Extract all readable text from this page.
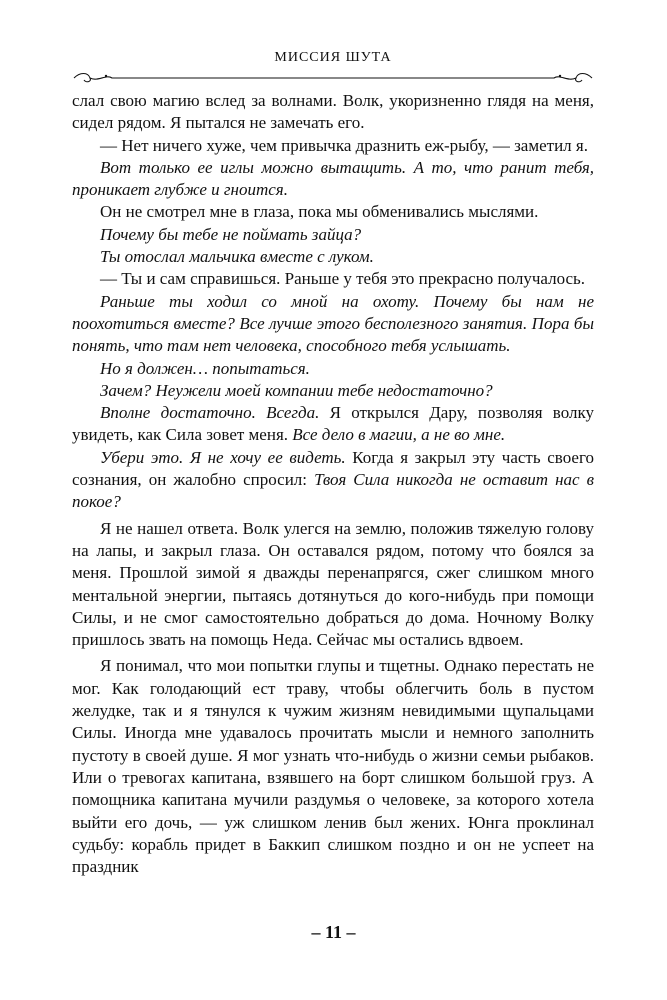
МИССИЯ ШУТА

слал свою магию вслед за волнами. Волк, укоризненно глядя на меня, сидел рядом. Я пытался не замечать его.

— Нет ничего хуже, чем привычка дразнить еж-рыбу, — заметил я.

Вот только ее иглы можно вытащить. А то, что ранит тебя, проникает глубже и гноится.

Он не смотрел мне в глаза, пока мы обменивались мыслями.

Почему бы тебе не поймать зайца?

Ты отослал мальчика вместе с луком.

— Ты и сам справишься. Раньше у тебя это прекрасно получалось.

Раньше ты ходил со мной на охоту. Почему бы нам не поохотиться вместе? Все лучше этого бесполезного занятия. Пора бы понять, что там нет человека, способного тебя услышать.

Но я должен… попытаться.

Зачем? Неужели моей компании тебе недостаточно?

Вполне достаточно. Всегда. Я открылся Дару, позволяя волку увидеть, как Сила зовет меня. Все дело в магии, а не во мне.

Убери это. Я не хочу ее видеть. Когда я закрыл эту часть своего сознания, он жалобно спросил: Твоя Сила никогда не оставит нас в покое?

Я не нашел ответа. Волк улегся на землю, положив тяжелую голову на лапы, и закрыл глаза. Он оставался рядом, потому что боялся за меня. Прошлой зимой я дважды перенапрягся, сжег слишком много ментальной энергии, пытаясь дотянуться до кого-нибудь при помощи Силы, и не смог самостоятельно добраться до дома. Ночному Волку пришлось звать на помощь Неда. Сейчас мы остались вдвоем.

Я понимал, что мои попытки глупы и тщетны. Однако перестать не мог. Как голодающий ест траву, чтобы облегчить боль в пустом желудке, так и я тянулся к чужим жизням невидимыми щупальцами Силы. Иногда мне удавалось прочитать мысли и немного заполнить пустоту в своей душе. Я мог узнать что-нибудь о жизни семьи рыбаков. Или о тревогах капитана, взявшего на борт слишком большой груз. А помощника капитана мучили раздумья о человеке, за которого хотела выйти его дочь, — уж слишком ленив был жених. Юнга проклинал судьбу: корабль придет в Баккип слишком поздно и он не успеет на праздник

– 11 –
